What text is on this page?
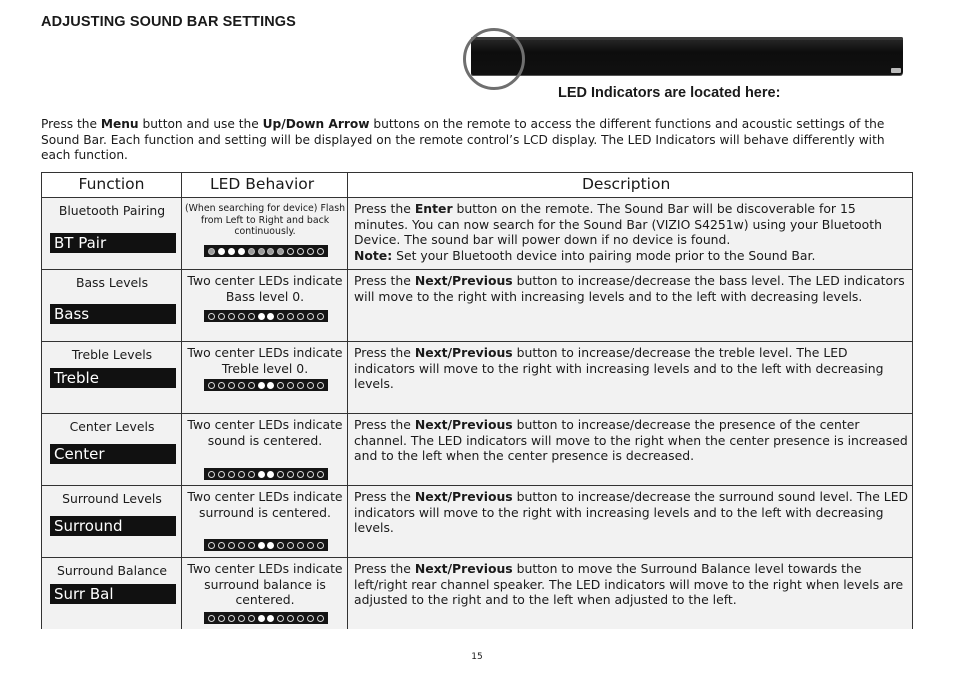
ADJUSTING SOUND BAR SETTINGS
LED Indicators are located here:

Press the Menu button and use the Up/Down Arrow buttons on the remote to access the different functions and acoustic settings of the Sound Bar. Each function and setting will be displayed on the remote control’s LCD display. The LED Indicators will behave differently with each function.

Function	LED Behavior	Description
Bluetooth Pairing
BT Pair
(When searching for device) Flash from Left to Right and back continuously.
Press the Enter button on the remote. The Sound Bar will be discoverable for 15 minutes. You can now search for the Sound Bar (VIZIO S4251w) using your Bluetooth Device. The sound bar will power down if no device is found.
Note: Set your Bluetooth device into pairing mode prior to the Sound Bar.
Bass Levels
Bass
Two center LEDs indicate Bass level 0.
Press the Next/Previous button to increase/decrease the bass level. The LED indicators will move to the right with increasing levels and to the left with decreasing levels.
Treble Levels
Treble
Two center LEDs indicate Treble level 0.
Press the Next/Previous button to increase/decrease the treble level. The LED indicators will move to the right with increasing levels and to the left with decreasing levels.
Center Levels
Center
Two center LEDs indicate sound is centered.
Press the Next/Previous button to increase/decrease the presence of the center channel. The LED indicators will move to the right when the center presence is increased and to the left when the center presence is decreased.
Surround Levels
Surround
Two center LEDs indicate surround is centered.
Press the Next/Previous button to increase/decrease the surround sound level. The LED indicators will move to the right with increasing levels and to the left with decreasing levels.
Surround Balance
Surr Bal
Two center LEDs indicate surround balance is centered.
Press the Next/Previous button to move the Surround Balance level towards the left/right rear channel speaker. The LED indicators will move to the right when levels are adjusted to the right and to the left when adjusted to the left.
15
